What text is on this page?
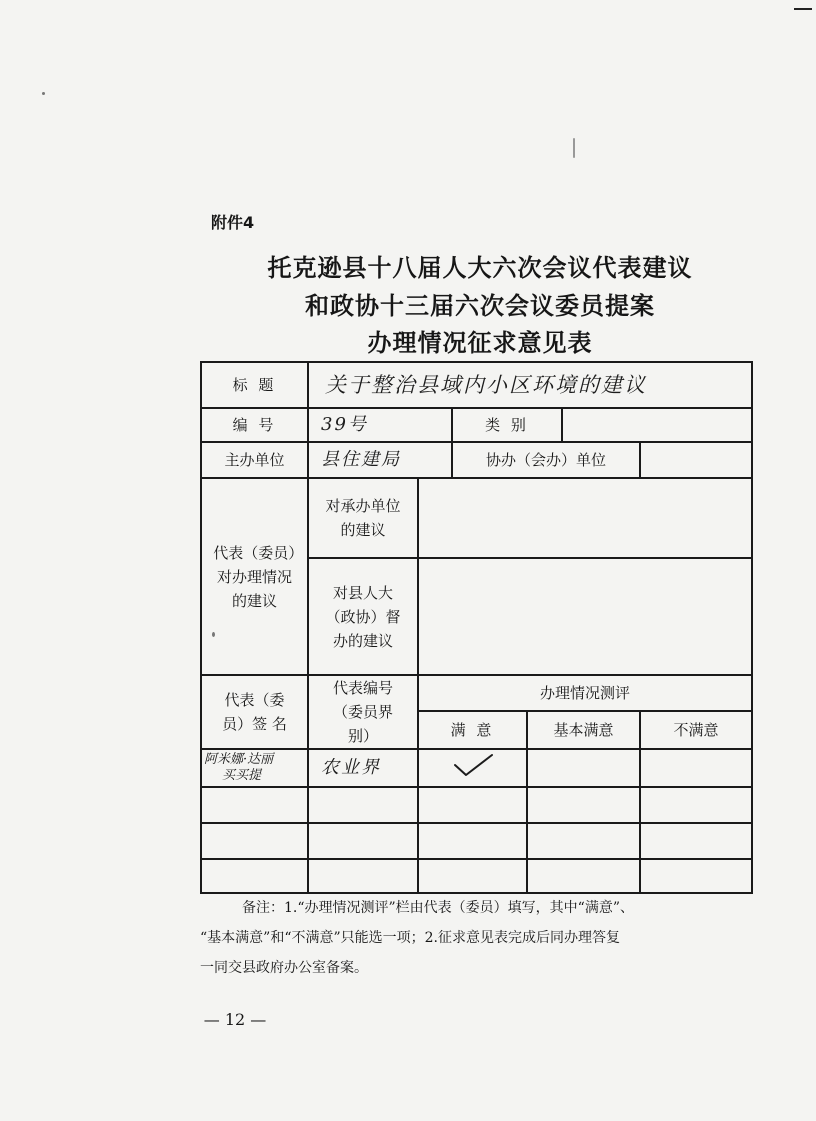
附件4
托克逊县十八届人大六次会议代表建议
和政协十三届六次会议委员提案
办理情况征求意见表
标 题	关于整治县域内小区环境的建议					
编 号	39号		类 别			
主办单位	县住建局		协办（会办）单位			
代表（委员）对办理情况的建议	对承办单位的建议					
	对县人大（政协）督办的建议					
代表（委员）签 名	代表编号（委员界别）	办理情况测评				
		满 意		基本满意		不满意
阿米娜·达丽
买买提	农业界			

备注：1.“办理情况测评”栏由代表（委员）填写，其中“满意”、
“基本满意”和“不满意”只能选一项；2.征求意见表完成后同办理答复
一同交县政府办公室备案。
— 12 —
